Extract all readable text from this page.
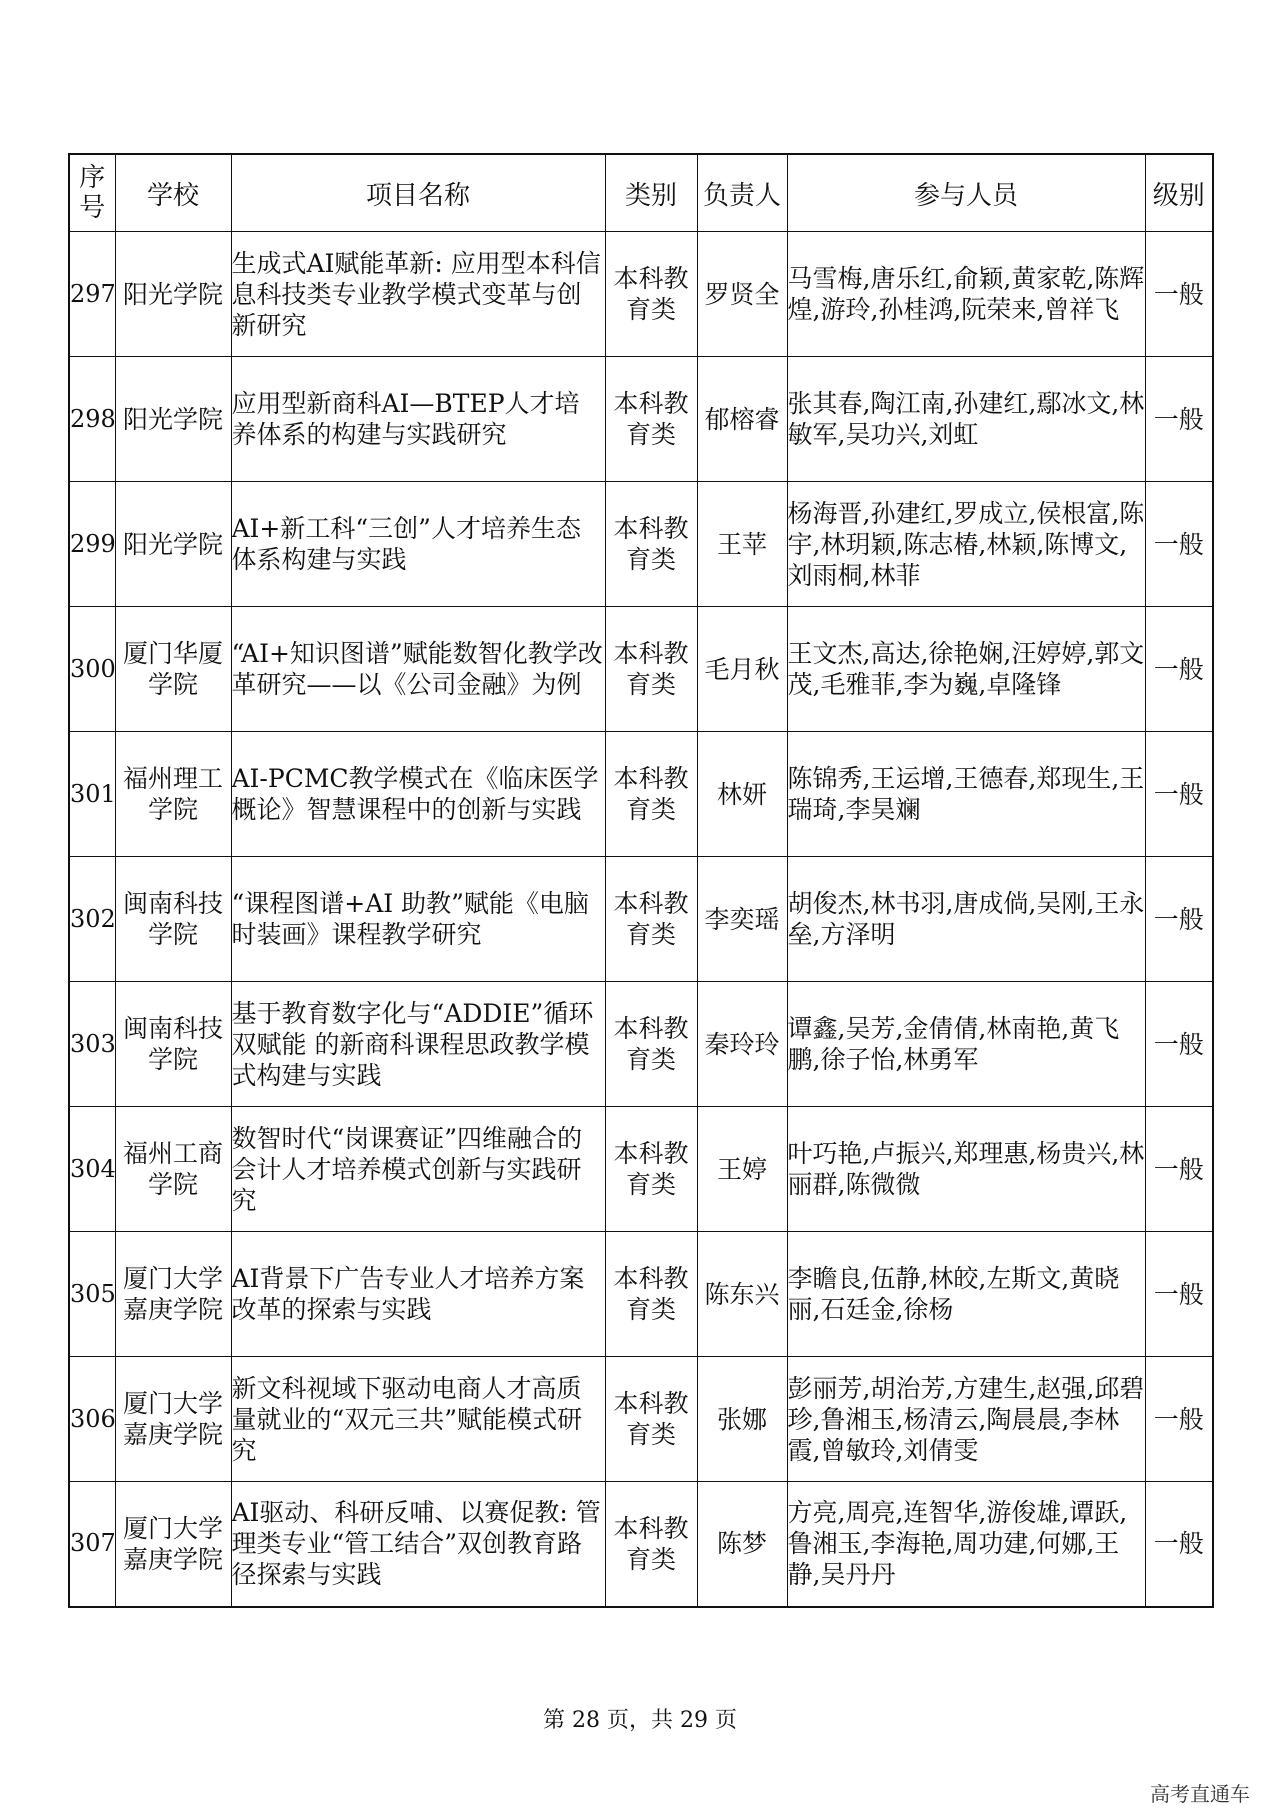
序
号	学校	项目名称	类别	负责人	参与人员	级别
297	阳光学院	生成式AI赋能革新: 应用型本科信息科技类专业教学模式变革与创新研究	本科教育类	罗贤全	马雪梅,唐乐红,俞颖,黄家乾,陈辉煌,游玲,孙桂鸿,阮荣来,曾祥飞	一般
298	阳光学院	应用型新商科AI—BTEP人才培养体系的构建与实践研究	本科教育类	郁榕睿	张其春,陶江南,孙建红,鄢冰文,林敏军,吴功兴,刘虹	一般
299	阳光学院	AI+新工科“三创”人才培养生态体系构建与实践	本科教育类	王苹	杨海晋,孙建红,罗成立,侯根富,陈宇,林玥颖,陈志椿,林颖,陈博文,刘雨桐,林菲	一般
300	厦门华厦学院	“AI+知识图谱”赋能数智化教学改革研究——以《公司金融》为例	本科教育类	毛月秋	王文杰,高达,徐艳娴,汪婷婷,郭文茂,毛雅菲,李为巍,卓隆锋	一般
301	福州理工学院	AI-PCMC教学模式在《临床医学概论》智慧课程中的创新与实践	本科教育类	林妍	陈锦秀,王运增,王德春,郑现生,王瑞琦,李昊斓	一般
302	闽南科技学院	“课程图谱+AI 助教”赋能《电脑时装画》课程教学研究	本科教育类	李奕瑶	胡俊杰,林书羽,唐成倘,吴刚,王永垒,方泽明	一般
303	闽南科技学院	基于教育数字化与“ADDIE”循环双赋能 的新商科课程思政教学模式构建与实践	本科教育类	秦玲玲	谭鑫,吴芳,金倩倩,林南艳,黄飞鹏,徐子怡,林勇军	一般
304	福州工商学院	数智时代“岗课赛证”四维融合的会计人才培养模式创新与实践研究	本科教育类	王婷	叶巧艳,卢振兴,郑理惠,杨贵兴,林丽群,陈微微	一般
305	厦门大学嘉庚学院	AI背景下广告专业人才培养方案改革的探索与实践	本科教育类	陈东兴	李瞻良,伍静,林皎,左斯文,黄晓丽,石廷金,徐杨	一般
306	厦门大学嘉庚学院	新文科视域下驱动电商人才高质量就业的“双元三共”赋能模式研究	本科教育类	张娜	彭丽芳,胡治芳,方建生,赵强,邱碧珍,鲁湘玉,杨清云,陶晨晨,李林霞,曾敏玲,刘倩雯	一般
307	厦门大学嘉庚学院	AI驱动、科研反哺、以赛促教: 管理类专业“管工结合”双创教育路径探索与实践	本科教育类	陈梦	方亮,周亮,连智华,游俊雄,谭跃,鲁湘玉,李海艳,周功建,何娜,王静,吴丹丹	一般
第 28 页，共 29 页
高考直通车
